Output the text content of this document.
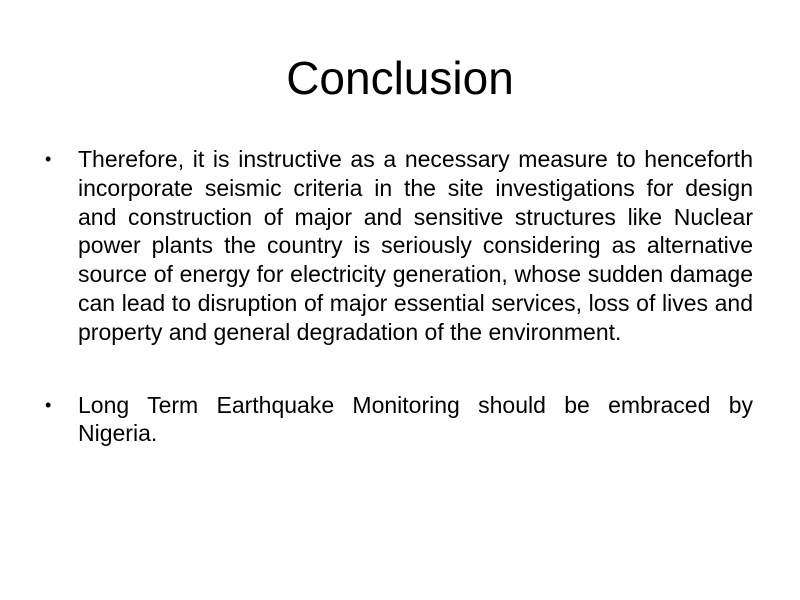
Conclusion
• Therefore, it is instructive as a necessary measure to henceforth incorporate seismic criteria in the site investigations for design and construction of major and sensitive structures like Nuclear power plants the country is seriously considering as alternative source of energy for electricity generation, whose sudden damage can lead to disruption of major essential services, loss of lives and property and general degradation of the environment.
• Long Term Earthquake Monitoring should be embraced by Nigeria.
